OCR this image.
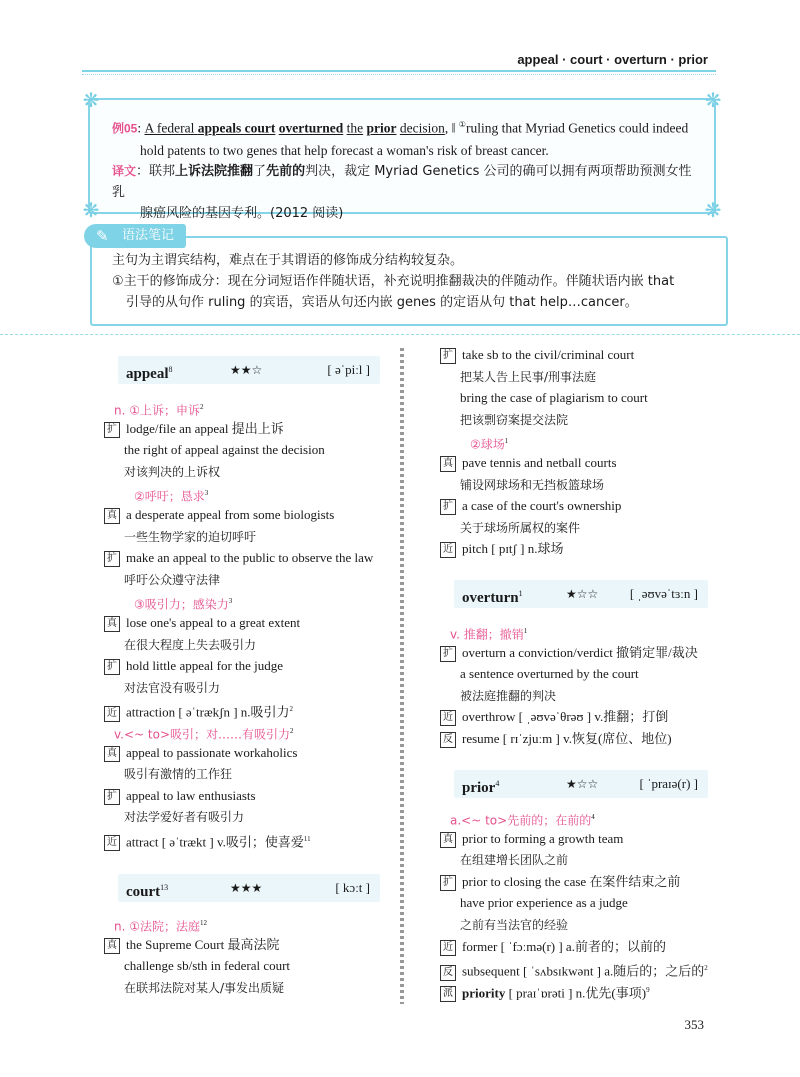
appeal · court · overturn · prior
❋	❋
❋	❋
例05: A federal appeals court overturned the prior decision, ‖ ①ruling that Myriad Genetics could indeed
hold patents to two genes that help forecast a woman's risk of breast cancer.
译文：联邦上诉法院推翻了先前的判决，裁定 Myriad Genetics 公司的确可以拥有两项帮助预测女性乳
腺癌风险的基因专利。(2012 阅读)
✎ 语法笔记
主句为主谓宾结构，难点在于其谓语的修饰成分结构较复杂。
①主干的修饰成分：现在分词短语作伴随状语，补充说明推翻裁决的伴随动作。伴随状语内嵌 that
引导的从句作 ruling 的宾语，宾语从句还内嵌 genes 的定语从句 that help…cancer。
appeal$^8$	★★☆	[ əˈpiːl ]
n. ①上诉；申诉$^2$
扩 lodge/file an appeal 提出上诉
the right of appeal against the decision
对该判决的上诉权
②呼吁；恳求$^3$
真 a desperate appeal from some biologists
一些生物学家的迫切呼吁
扩 make an appeal to the public to observe the law
呼吁公众遵守法律
③吸引力；感染力$^3$
真 lose one's appeal to a great extent
在很大程度上失去吸引力
扩 hold little appeal for the judge
对法官没有吸引力
近 attraction [ əˈtrækʃn ] n.吸引力$^2$
v.<~ to>吸引；对……有吸引力$^2$
真 appeal to passionate workaholics
吸引有激情的工作狂
扩 appeal to law enthusiasts
对法学爱好者有吸引力
近 attract [ əˈtrækt ] v.吸引；使喜爱$^{11}$
court$^{13}$	★★★	[ kɔːt ]
n. ①法院；法庭$^{12}$
真 the Supreme Court 最高法院
challenge sb/sth in federal court
在联邦法院对某人/事发出质疑
扩 take sb to the civil/criminal court
把某人告上民事/刑事法庭
bring the case of plagiarism to court
把该剽窃案提交法院
②球场$^1$
真 pave tennis and netball courts
铺设网球场和无挡板篮球场
扩 a case of the court's ownership
关于球场所属权的案件
近 pitch [ pɪtʃ ] n.球场
overturn$^1$	★☆☆ [ ˌəʊvəˈtɜːn ]
v. 推翻；撤销$^1$
扩 overturn a conviction/verdict 撤销定罪/裁决
a sentence overturned by the court
被法庭推翻的判决
近 overthrow [ ˌəʊvəˈθrəʊ ] v.推翻；打倒
反 resume [ rɪˈzjuːm ] v.恢复(席位、地位)
prior$^4$	★☆☆	[ ˈpraɪə(r) ]
a.<~ to>先前的；在前的$^4$
真 prior to forming a growth team
在组建增长团队之前
扩 prior to closing the case 在案件结束之前
have prior experience as a judge
之前有当法官的经验
近 former [ ˈfɔːmə(r) ] a.前者的；以前的
反 subsequent [ ˈsʌbsɪkwənt ] a.随后的；之后的$^2$
派 priority [ praɪˈɒrəti ] n.优先(事项)$^9$
353
